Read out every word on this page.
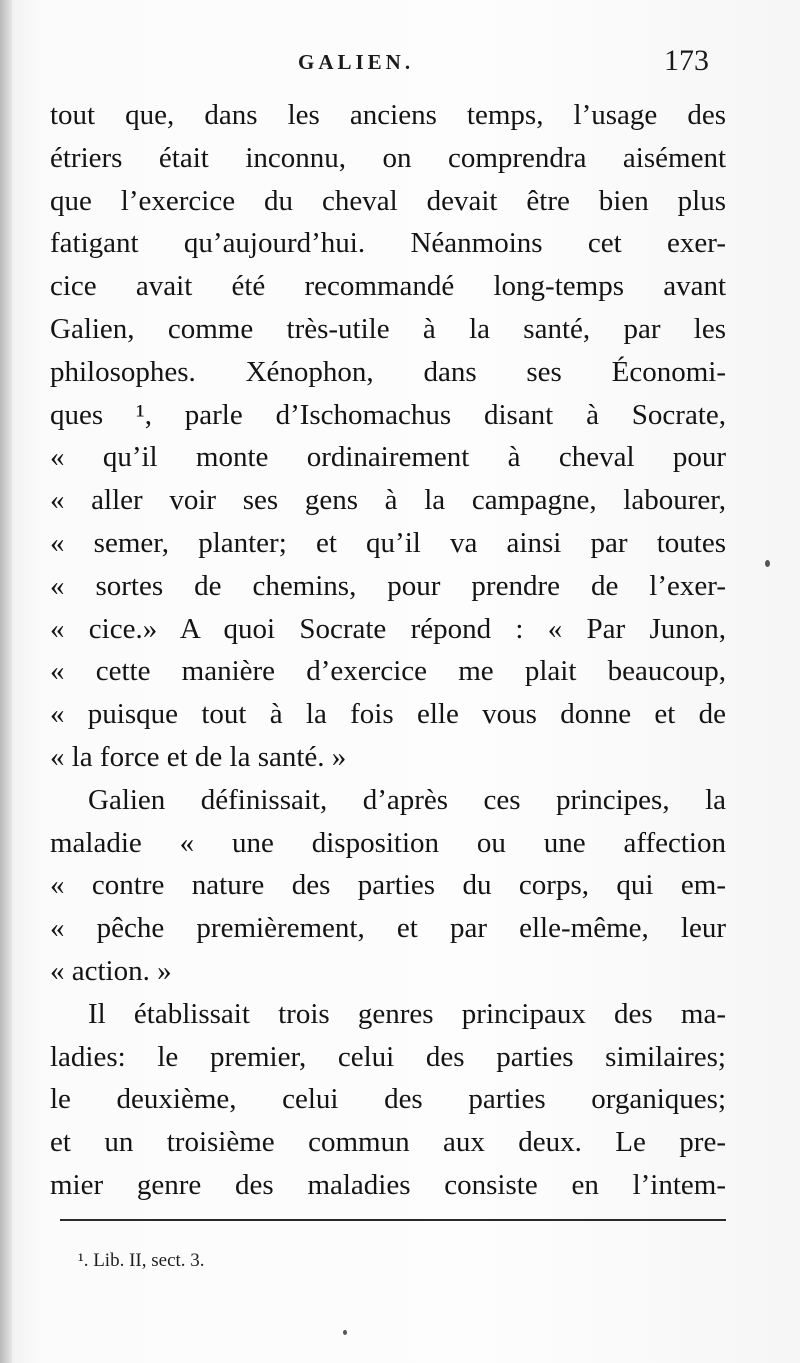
GALIEN.	173
tout que, dans les anciens temps, l’usage des
étriers était inconnu, on comprendra aisément
que l’exercice du cheval devait être bien plus
fatigant qu’aujourd’hui. Néanmoins cet exer-
cice avait été recommandé long-temps avant
Galien, comme très-utile à la santé, par les
philosophes. Xénophon, dans ses Économi-
ques ¹, parle d’Ischomachus disant à Socrate,
« qu’il monte ordinairement à cheval pour
« aller voir ses gens à la campagne, labourer,
« semer, planter; et qu’il va ainsi par toutes
« sortes de chemins, pour prendre de l’exer-
« cice.» A quoi Socrate répond : « Par Junon,
« cette manière d’exercice me plait beaucoup,
« puisque tout à la fois elle vous donne et de
« la force et de la santé. »
Galien définissait, d’après ces principes, la
maladie « une disposition ou une affection
« contre nature des parties du corps, qui em-
« pêche premièrement, et par elle-même, leur
« action. »
Il établissait trois genres principaux des ma-
ladies: le premier, celui des parties similaires;
le deuxième, celui des parties organiques;
et un troisième commun aux deux. Le pre-
mier genre des maladies consiste en l’intem-
¹. Lib. II, sect. 3.
